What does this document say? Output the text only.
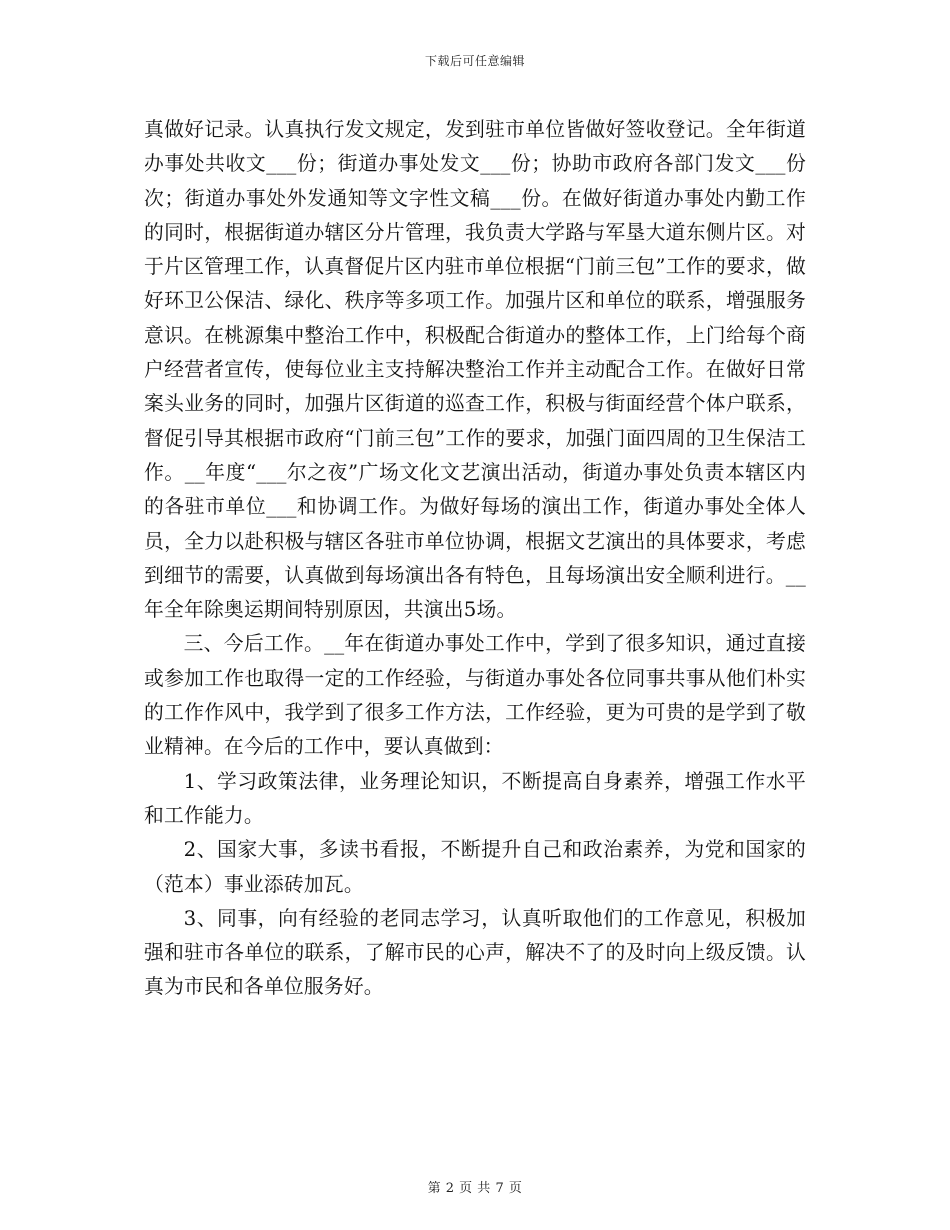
下载后可任意编辑

真做好记录。认真执行发文规定，发到驻市单位皆做好签收登记。全年街道办事处共收文___份；街道办事处发文___份；协助市政府各部门发文___份次；街道办事处外发通知等文字性文稿___份。在做好街道办事处内勤工作的同时，根据街道办辖区分片管理，我负责大学路与军垦大道东侧片区。对于片区管理工作，认真督促片区内驻市单位根据“门前三包”工作的要求，做好环卫公保洁、绿化、秩序等多项工作。加强片区和单位的联系，增强服务意识。在桃源集中整治工作中，积极配合街道办的整体工作，上门给每个商户经营者宣传，使每位业主支持解决整治工作并主动配合工作。在做好日常案头业务的同时，加强片区街道的巡查工作，积极与街面经营个体户联系，督促引导其根据市政府“门前三包”工作的要求，加强门面四周的卫生保洁工作。__年度“___尔之夜”广场文化文艺演出活动，街道办事处负责本辖区内的各驻市单位___和协调工作。为做好每场的演出工作，街道办事处全体人员，全力以赴积极与辖区各驻市单位协调，根据文艺演出的具体要求，考虑到细节的需要，认真做到每场演出各有特色，且每场演出安全顺利进行。__年全年除奥运期间特别原因，共演出5场。

三、今后工作。__年在街道办事处工作中，学到了很多知识，通过直接或参加工作也取得一定的工作经验，与街道办事处各位同事共事从他们朴实的工作作风中，我学到了很多工作方法，工作经验，更为可贵的是学到了敬业精神。在今后的工作中，要认真做到：

1、学习政策法律，业务理论知识，不断提高自身素养，增强工作水平和工作能力。

2、国家大事，多读书看报，不断提升自己和政治素养，为党和国家的（范本）事业添砖加瓦。

3、同事，向有经验的老同志学习，认真听取他们的工作意见，积极加强和驻市各单位的联系，了解市民的心声，解决不了的及时向上级反馈。认真为市民和各单位服务好。

第 2 页 共 7 页
